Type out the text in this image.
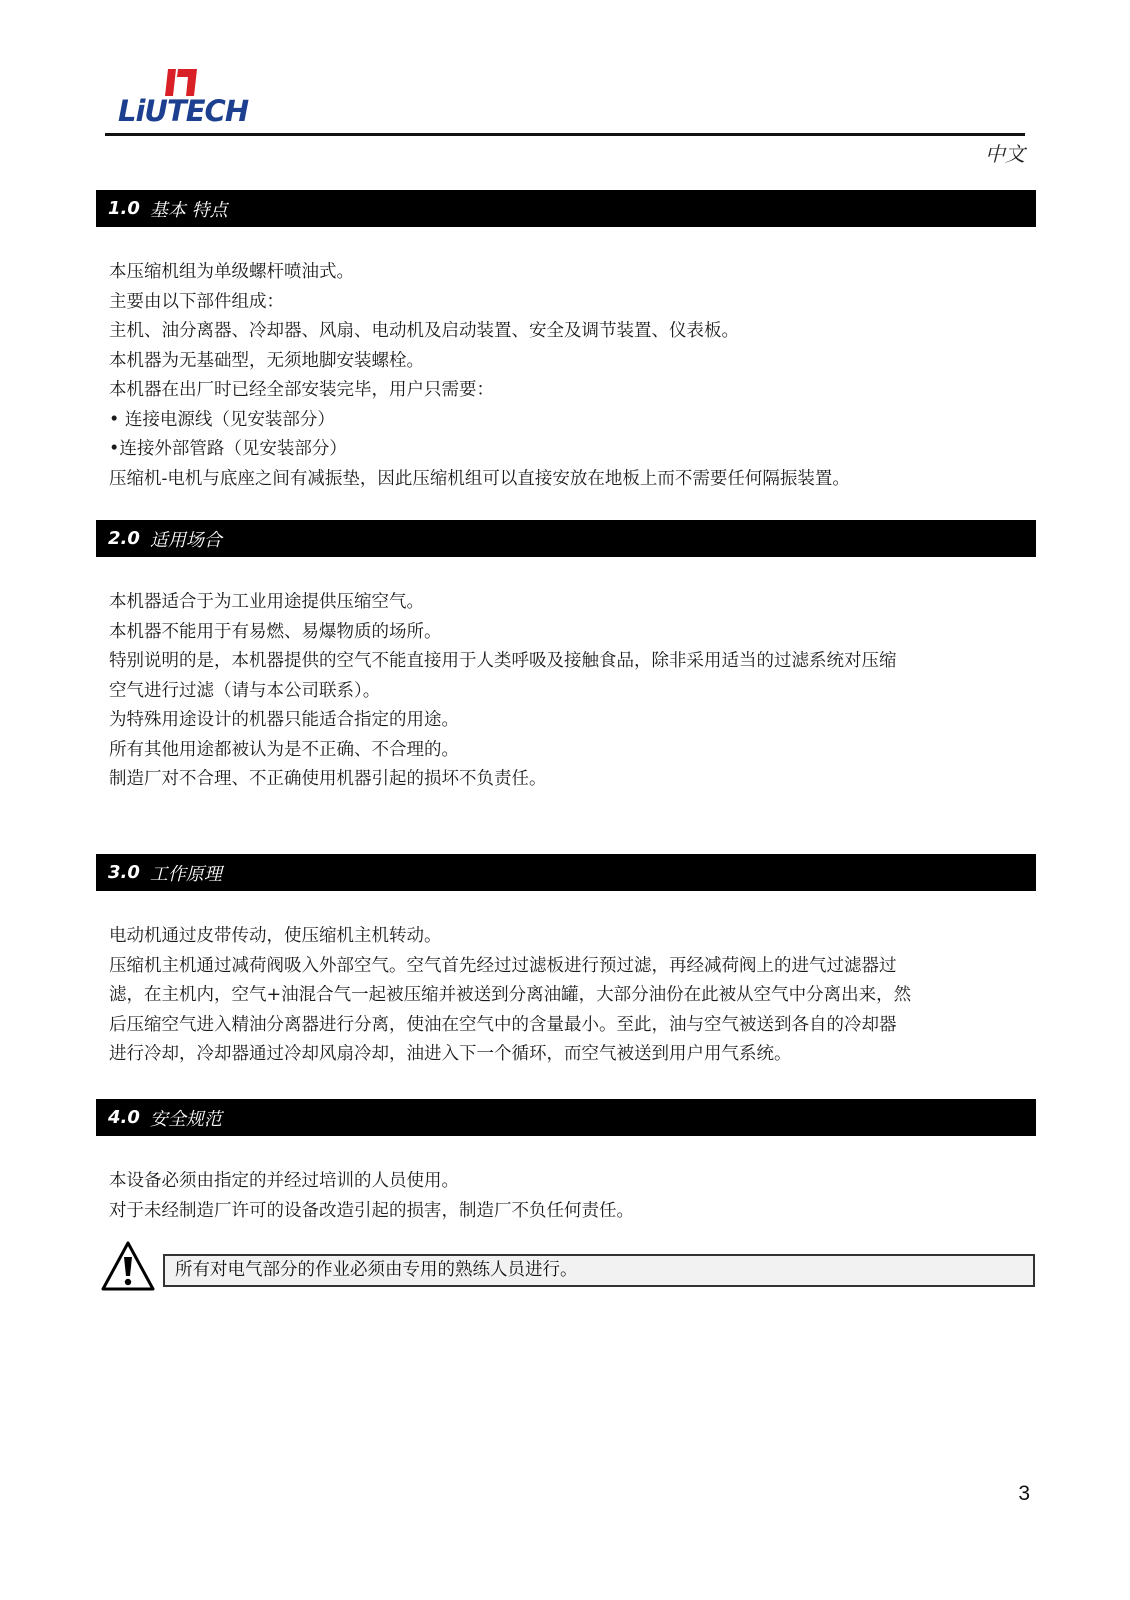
LiUTECH
中文
1.0 基本 特点

本压缩机组为单级螺杆喷油式。

主要由以下部件组成：

主机、油分离器、冷却器、风扇、电动机及启动装置、安全及调节装置、仪表板。

本机器为无基础型，无须地脚安装螺栓。

本机器在出厂时已经全部安装完毕，用户只需要：

• 连接电源线（见安装部分）

•连接外部管路（见安装部分）

压缩机-电机与底座之间有减振垫，因此压缩机组可以直接安放在地板上而不需要任何隔振装置。

2.0 适用场合

本机器适合于为工业用途提供压缩空气。

本机器不能用于有易燃、易爆物质的场所。

特别说明的是，本机器提供的空气不能直接用于人类呼吸及接触食品，除非采用适当的过滤系统对压缩

空气进行过滤（请与本公司联系）。

为特殊用途设计的机器只能适合指定的用途。

所有其他用途都被认为是不正确、不合理的。

制造厂对不合理、不正确使用机器引起的损坏不负责任。

3.0 工作原理

电动机通过皮带传动，使压缩机主机转动。

压缩机主机通过减荷阀吸入外部空气。空气首先经过过滤板进行预过滤，再经减荷阀上的进气过滤器过

滤，在主机内，空气+油混合气一起被压缩并被送到分离油罐，大部分油份在此被从空气中分离出来，然

后压缩空气进入精油分离器进行分离，使油在空气中的含量最小。至此，油与空气被送到各自的冷却器

进行冷却，冷却器通过冷却风扇冷却，油进入下一个循环，而空气被送到用户用气系统。

4.0 安全规范

本设备必须由指定的并经过培训的人员使用。

对于未经制造厂许可的设备改造引起的损害，制造厂不负任何责任。

所有对电气部分的作业必须由专用的熟练人员进行。
3
